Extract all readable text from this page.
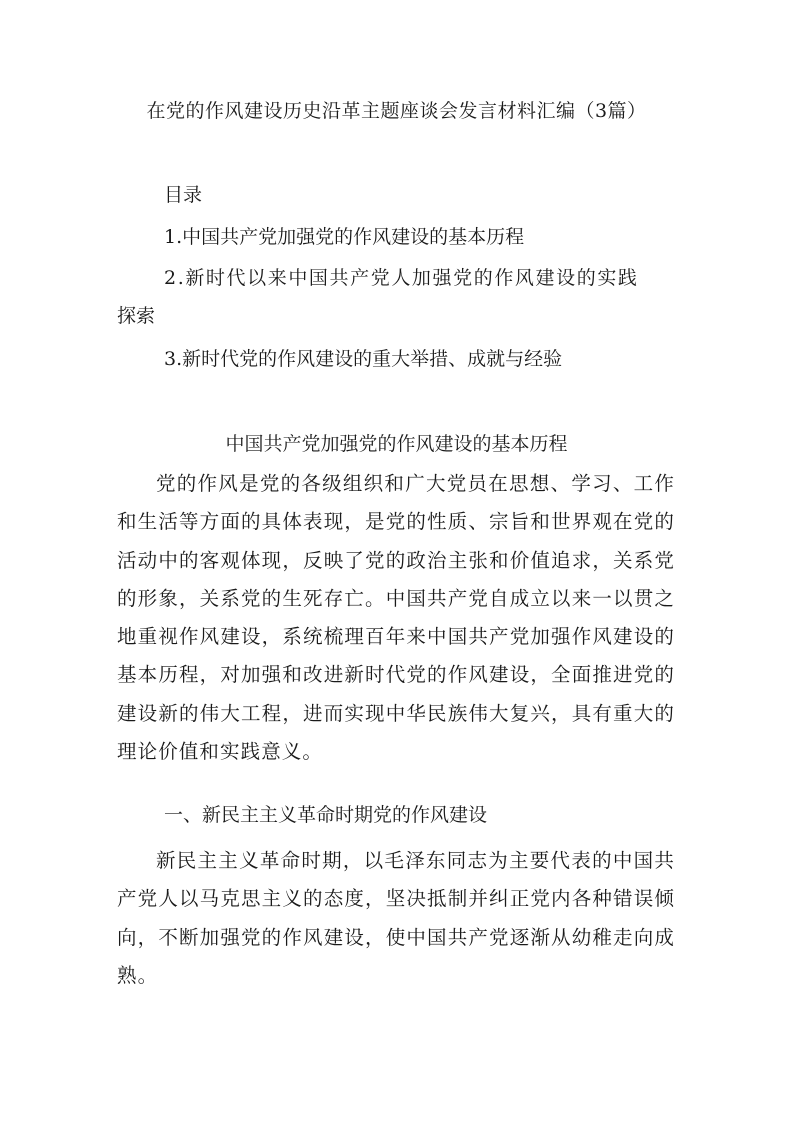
在党的作风建设历史沿革主题座谈会发言材料汇编（3篇）
目录
1.中国共产党加强党的作风建设的基本历程
2.新时代以来中国共产党人加强党的作风建设的实践
探索
3.新时代党的作风建设的重大举措、成就与经验
中国共产党加强党的作风建设的基本历程

党的作风是党的各级组织和广大党员在思想、学习、工作和生活等方面的具体表现，是党的性质、宗旨和世界观在党的活动中的客观体现，反映了党的政治主张和价值追求，关系党的形象，关系党的生死存亡。中国共产党自成立以来一以贯之地重视作风建设，系统梳理百年来中国共产党加强作风建设的基本历程，对加强和改进新时代党的作风建设，全面推进党的建设新的伟大工程，进而实现中华民族伟大复兴，具有重大的理论价值和实践意义。

一、新民主主义革命时期党的作风建设

新民主主义革命时期，以毛泽东同志为主要代表的中国共产党人以马克思主义的态度，坚决抵制并纠正党内各种错误倾向，不断加强党的作风建设，使中国共产党逐渐从幼稚走向成熟。
